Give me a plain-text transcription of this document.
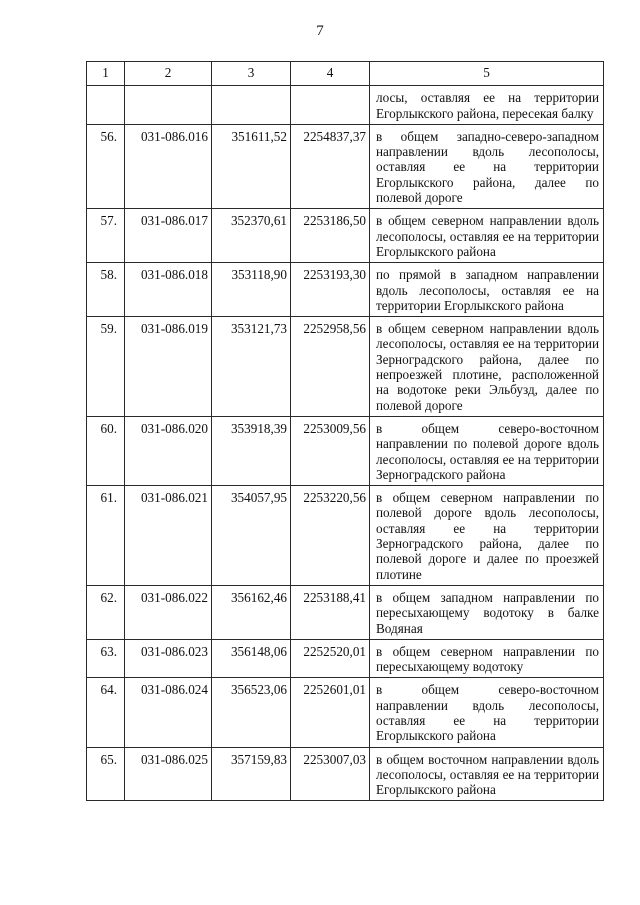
7
1	2	3	4	5
				лосы, оставляя ее на территории Егорлыкского района, пересекая балку
56.	031-086.016	351611,52	2254837,37	в общем западно-северо-западном направлении вдоль лесополосы, оставляя ее на территории Егорлыкского района, далее по полевой дороге
57.	031-086.017	352370,61	2253186,50	в общем северном направлении вдоль лесополосы, оставляя ее на территории Егорлыкского района
58.	031-086.018	353118,90	2253193,30	по прямой в западном направлении вдоль лесополосы, оставляя ее на территории Егорлыкского района
59.	031-086.019	353121,73	2252958,56	в общем северном направлении вдоль лесополосы, оставляя ее на территории Зерноградского района, далее по непроезжей плотине, расположенной на водотоке реки Эльбузд, далее по полевой дороге
60.	031-086.020	353918,39	2253009,56	в общем северо-восточном направлении по полевой дороге вдоль лесополосы, оставляя ее на территории Зерноградского района
61.	031-086.021	354057,95	2253220,56	в общем северном направлении по полевой дороге вдоль лесополосы, оставляя ее на территории Зерноградского района, далее по полевой дороге и далее по проезжей плотине
62.	031-086.022	356162,46	2253188,41	в общем западном направлении по пересыхающему водотоку в балке Водяная
63.	031-086.023	356148,06	2252520,01	в общем северном направлении по пересыхающему водотоку
64.	031-086.024	356523,06	2252601,01	в общем северо-восточном направлении вдоль лесополосы, оставляя ее на территории Егорлыкского района
65.	031-086.025	357159,83	2253007,03	в общем восточном направлении вдоль лесополосы, оставляя ее на территории Егорлыкского района
